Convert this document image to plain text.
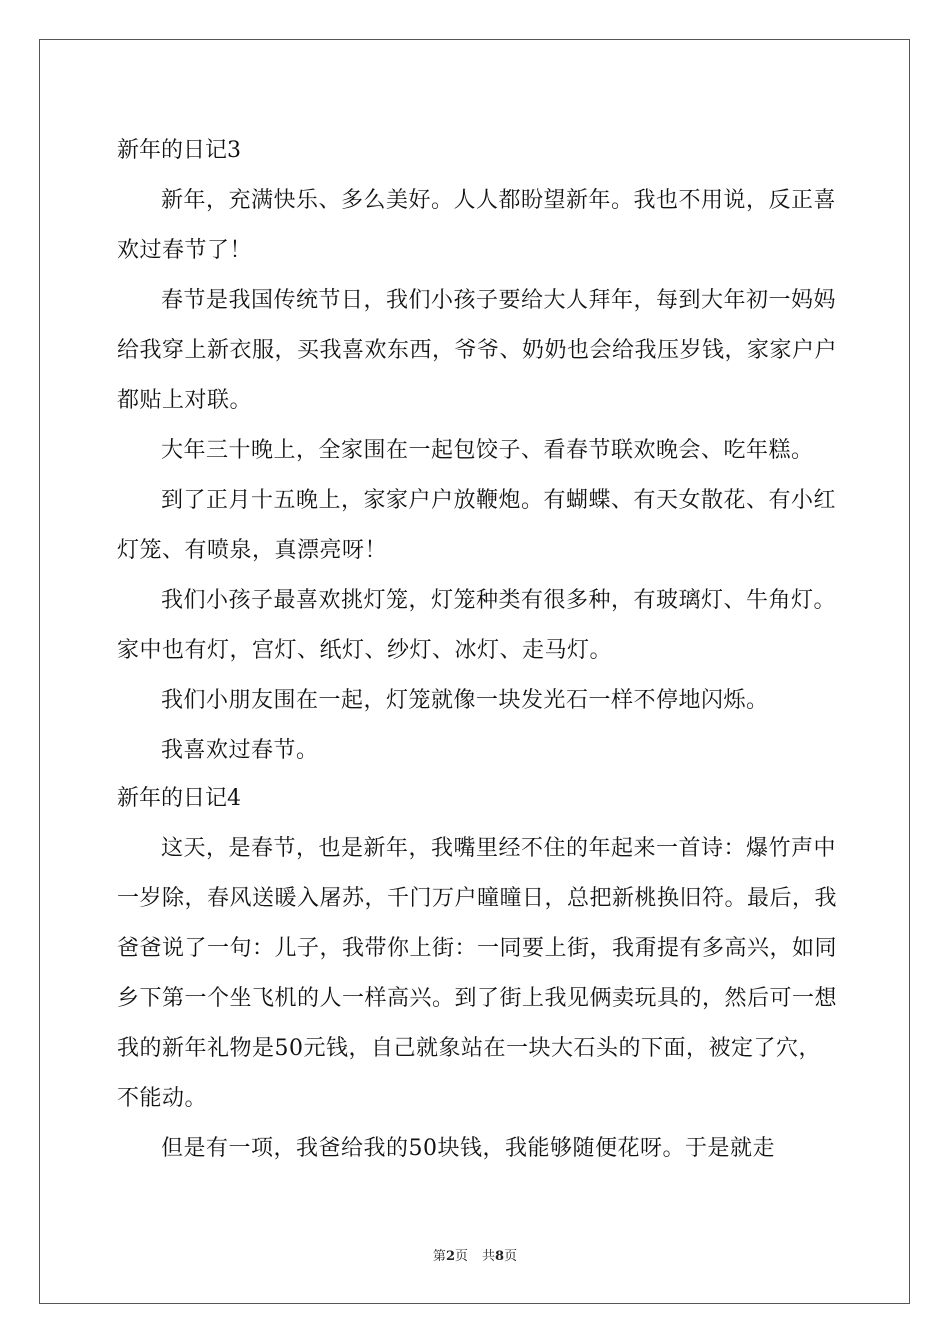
新年的日记3

新年，充满快乐、多么美好。人人都盼望新年。我也不用说，反正喜欢过春节了！

春节是我国传统节日，我们小孩子要给大人拜年，每到大年初一妈妈给我穿上新衣服，买我喜欢东西，爷爷、奶奶也会给我压岁钱，家家户户都贴上对联。

大年三十晚上，全家围在一起包饺子、看春节联欢晚会、吃年糕。

到了正月十五晚上，家家户户放鞭炮。有蝴蝶、有天女散花、有小红灯笼、有喷泉，真漂亮呀！

我们小孩子最喜欢挑灯笼，灯笼种类有很多种，有玻璃灯、牛角灯。家中也有灯，宫灯、纸灯、纱灯、冰灯、走马灯。

我们小朋友围在一起，灯笼就像一块发光石一样不停地闪烁。

我喜欢过春节。

新年的日记4

这天，是春节，也是新年，我嘴里经不住的年起来一首诗：爆竹声中一岁除，春风送暖入屠苏，千门万户曈曈日，总把新桃换旧符。最后，我爸爸说了一句：儿子，我带你上街：一同要上街，我甭提有多高兴，如同乡下第一个坐飞机的人一样高兴。到了街上我见俩卖玩具的，然后可一想我的新年礼物是50元钱，自己就象站在一块大石头的下面，被定了穴，不能动。

但是有一项，我爸给我的50块钱，我能够随便花呀。于是就走

第2页 共8页
